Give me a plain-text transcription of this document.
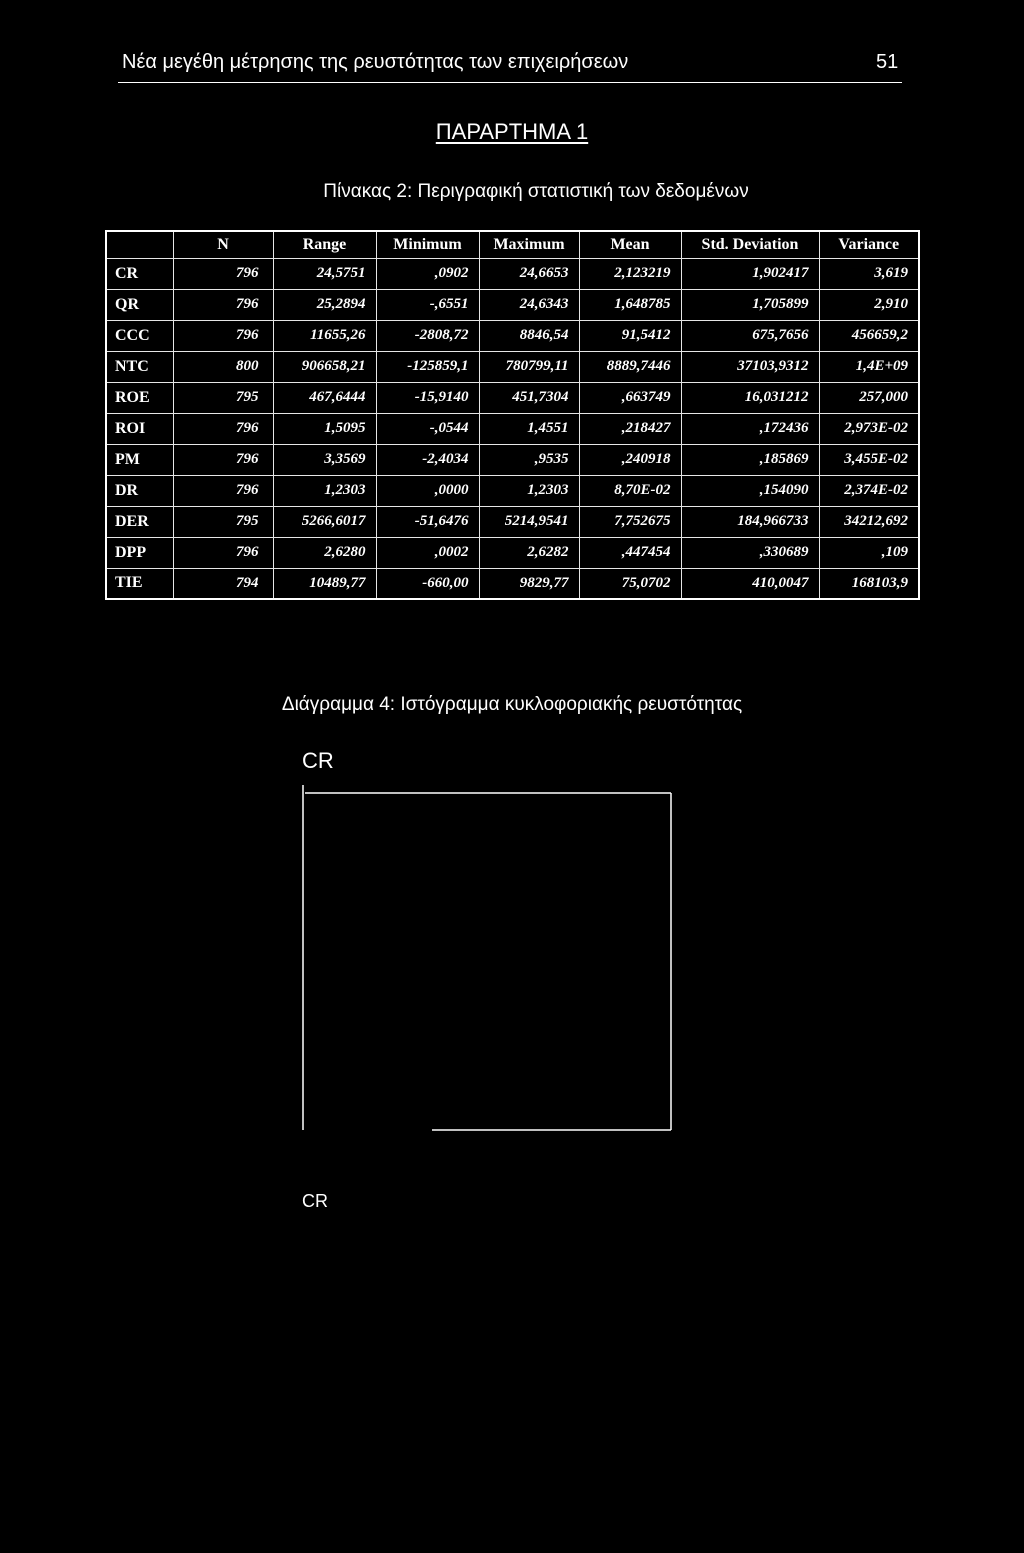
Νέα μεγέθη μέτρησης της ρευστότητας των επιχειρήσεων	51
ΠΑΡΑΡΤΗΜΑ 1
Πίνακας 2: Περιγραφική στατιστική των δεδομένων
	N	Range	Minimum	Maximum	Mean	Std. Deviation	Variance
CR	796	24,5751	,0902	24,6653	2,123219	1,902417	3,619
QR	796	25,2894	-,6551	24,6343	1,648785	1,705899	2,910
CCC	796	11655,26	-2808,72	8846,54	91,5412	675,7656	456659,2
NTC	800	906658,21	-125859,1	780799,11	8889,7446	37103,9312	1,4E+09
ROE	795	467,6444	-15,9140	451,7304	,663749	16,031212	257,000
ROI	796	1,5095	-,0544	1,4551	,218427	,172436	2,973E-02
PM	796	3,3569	-2,4034	,9535	,240918	,185869	3,455E-02
DR	796	1,2303	,0000	1,2303	8,70E-02	,154090	2,374E-02
DER	795	5266,6017	-51,6476	5214,9541	7,752675	184,966733	34212,692
DPP	796	2,6280	,0002	2,6282	,447454	,330689	,109
TIE	794	10489,77	-660,00	9829,77	75,0702	410,0047	168103,9
Διάγραμμα 4: Ιστόγραμμα κυκλοφοριακής ρευστότητας
CR
CR
